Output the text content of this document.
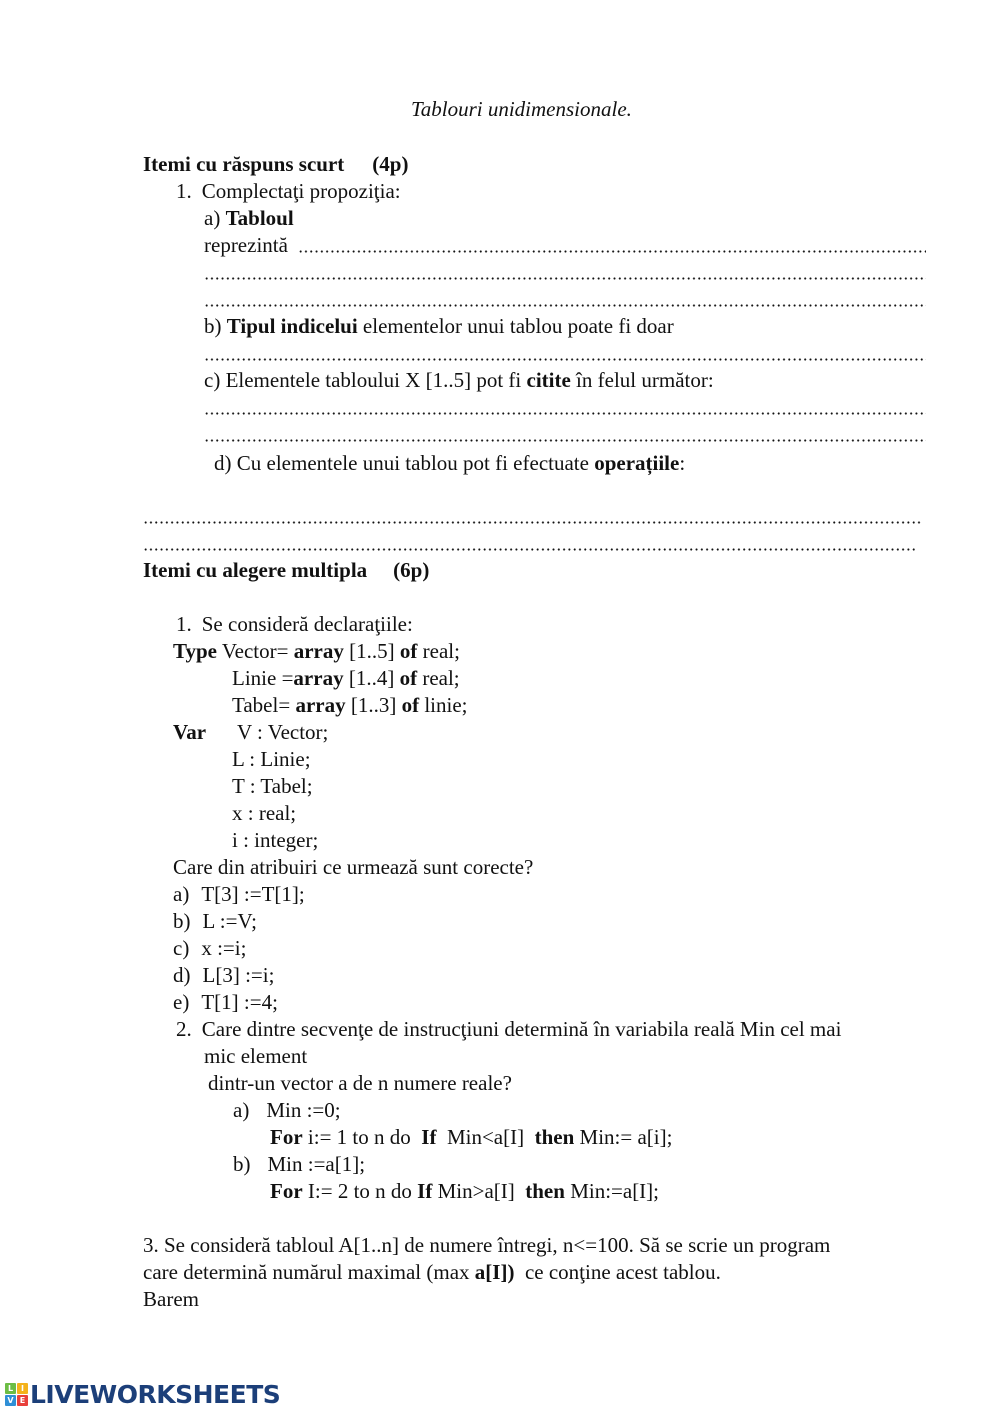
Tablouri unidimensionale.
Itemi cu răspuns scurt (4p)
1. Complectaţi propoziţia:
a) Tabloul
reprezintă
b) Tipul indicelui elementelor unui tablou poate fi doar
c) Elementele tabloului X [1..5] pot fi citite în felul următor:
d) Cu elementele unui tablou pot fi efectuate operațiile:
Itemi cu alegere multipla (6p)
1. Se consideră declaraţiile:
Type Vector= array [1..5] of real;
Linie =array [1..4] of real;
Tabel= array [1..3] of linie;
Var V : Vector;
L : Linie;
T : Tabel;
x : real;
i : integer;
Care din atribuiri ce urmează sunt corecte?
a) T[3] :=T[1];
b) L :=V;
c) x :=i;
d) L[3] :=i;
e) T[1] :=4;
2. Care dintre secvenţe de instrucţiuni determină în variabila reală Min cel mai
mic element
dintr-un vector a de n numere reale?
a) Min :=0;
For i:= 1 to n do If Min<a[I] then Min:= a[i];
b) Min :=a[1];
For I:= 2 to n do If Min>a[I] then Min:=a[I];
3. Se consideră tabloul A[1..n] de numere întregi, n<=100. Să se scrie un program
care determină numărul maximal (max a[I]) ce conţine acest tablou.
Barem
L I
V E LIVEWORKSHEETS
